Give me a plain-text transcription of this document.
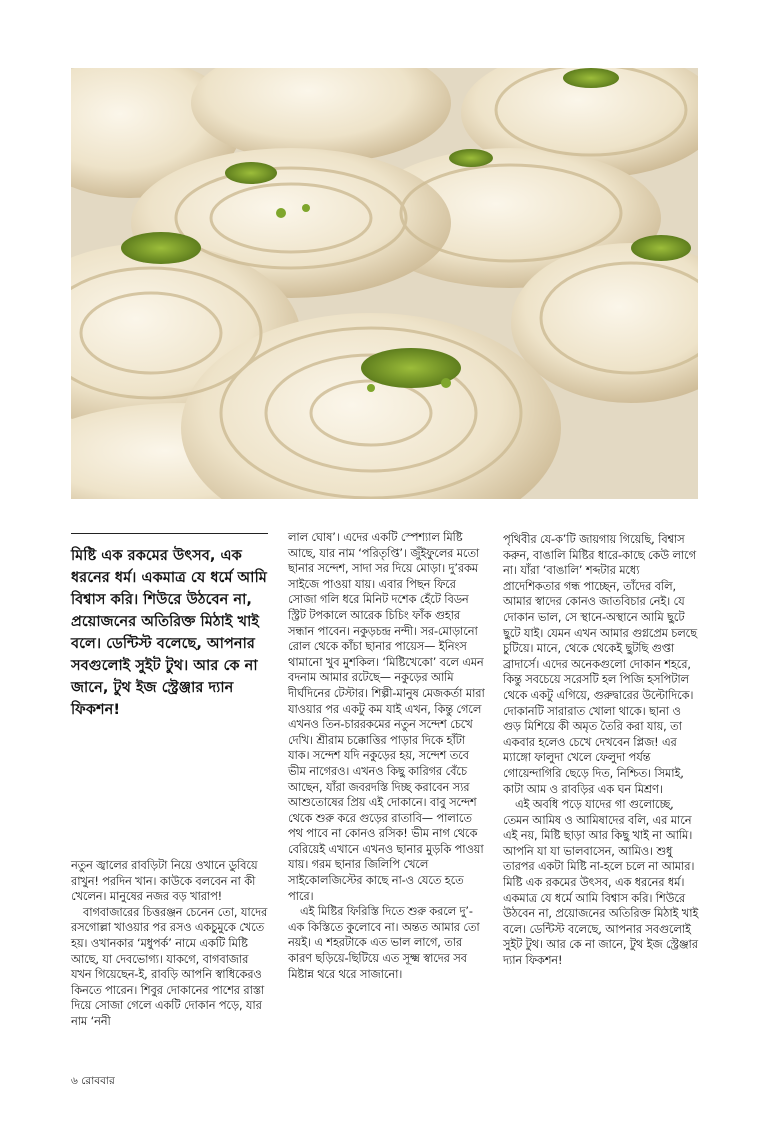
মিষ্টি এক রকমের উৎসব, এক ধরনের ধর্ম। একমাত্র যে ধর্মে আমি বিশ্বাস করি। শিউরে উঠবেন না, প্রয়োজনের অতিরিক্ত মিঠাই খাই বলে। ডেন্টিস্ট বলেছে, আপনার সবগুলোই সুইট টুথ। আর কে না জানে, টুথ ইজ স্ট্রেঞ্জার দ্যান ফিকশন!

নতুন জ্বালের রাবড়িটা নিয়ে ওখানে ডুবিয়ে রাখুন! পরদিন খান। কাউকে বলবেন না কী খেলেন। মানুষের নজর বড় খারাপ!

বাগবাজারের চিত্তরঞ্জন চেনেন তো, যাদের রসগোল্লা খাওয়ার পর রসও একচুমুকে খেতে হয়। ওখানকার ‘মধুপর্ক’ নামে একটি মিষ্টি আছে, যা দেবভোগ্য। যাকগে, বাগবাজার যখন গিয়েছেন-ই, রাবড়ি আপনি স্বাধিকেরও কিনতে পারেন। শিবুর দোকানের পাশের রাস্তা দিয়ে সোজা গেলে একটি দোকান পড়ে, যার নাম ‘ননী

লাল ঘোষ’। এদের একটি স্পেশ্যাল মিষ্টি আছে, যার নাম ‘পরিতৃপ্তি’। জুঁইফুলের মতো ছানার সন্দেশ, সাদা সর দিয়ে মোড়া। দু’রকম সাইজে পাওয়া যায়। এবার পিছন ফিরে সোজা গলি ধরে মিনিট দশেক হেঁটে বিডন স্ট্রিট টপকালে আরেক চিচিং ফাঁক গুহার সন্ধান পাবেন। নকুড়চন্দ্র নন্দী। সর-মোড়ানো রোল থেকে কাঁচা ছানার পায়েস— ইনিংস থামানো খুব মুশকিল। ‘মিষ্টিখেকো’ বলে এমন বদনাম আমার রটেছে— নকুড়ের আমি দীর্ঘদিনের টেস্টার। শিল্পী-মানুষ মেজকর্তা মারা যাওয়ার পর একটু কম যাই এখন, কিন্তু গেলে এখনও তিন-চাররকমের নতুন সন্দেশ চেখে দেখি। শ্রীরাম চক্কোত্তির পাড়ার দিকে হাঁটা যাক। সন্দেশ যদি নকুড়ের হয়, সন্দেশ তবে ভীম নাগেরও। এখনও কিছু কারিগর বেঁচে আছেন, যাঁরা জবরদস্তি দিচ্ছ করাবেন স্যর আশুতোষের প্রিয় এই দোকানে। বাবু সন্দেশ থেকে শুরু করে গুড়ের রাতাবি— পালাতে পথ পাবে না কোনও রসিক! ভীম নাগ থেকে বেরিয়েই এখানে এখনও ছানার মুড়কি পাওয়া যায়। গরম ছানার জিলিপি খেলে সাইকোলজিস্টের কাছে না-ও যেতে হতে পারে।

এই মিষ্টির ফিরিস্তি দিতে শুরু করলে দু’-এক কিস্তিতে কুলোবে না। অন্তত আমার তো নয়ই। এ শহরটাকে এত ভাল লাগে, তার কারণ ছড়িয়ে-ছিটিয়ে এত সূক্ষ্ম স্বাদের সব মিষ্টান্ন থরে থরে সাজানো।

পৃথিবীর যে-ক’টি জায়গায় গিয়েছি, বিশ্বাস করুন, বাঙালি মিষ্টির ধারে-কাছে কেউ লাগে না। যাঁরা ‘বাঙালি’ শব্দটার মধ্যে প্রাদেশিকতার গন্ধ পাচ্ছেন, তাঁদের বলি, আমার স্বাদের কোনও জাতবিচার নেই। যে দোকান ভাল, সে স্থানে-অস্থানে আমি ছুটে ছুটে যাই। যেমন এখন আমার গুগ্নপ্রেম চলছে চুটিয়ে। মানে, থেকে থেকেই ছুটছি গুপ্তা ব্রাদার্সে। এদের অনেকগুলো দোকান শহরে, কিন্তু সবচেয়ে সরেসটি হল পিজি হসপিটাল থেকে একটু এগিয়ে, গুরুদ্বারের উল্টোদিকে। দোকানটি সারারাত খোলা থাকে। ছানা ও গুড় মিশিয়ে কী অমৃত তৈরি করা যায়, তা একবার হলেও চেখে দেখবেন প্লিজ! এর ম্যাঙ্গো ফালুদা খেলে ফেলুদা পর্যন্ত গোয়েন্দাগিরি ছেড়ে দিত, নিশ্চিত। সিমাই, কাটা আম ও রাবড়ির এক ঘন মিশ্রণ।

এই অবধি পড়ে যাদের গা গুলোচ্ছে, তেমন আমিষ ও আমিষাদের বলি, এর মানে এই নয়, মিষ্টি ছাড়া আর কিছু খাই না আমি। আপনি যা যা ভালবাসেন, আমিও। শুধু তারপর একটা মিষ্টি না-হলে চলে না আমার। মিষ্টি এক রকমের উৎসব, এক ধরনের ধর্ম। একমাত্র যে ধর্মে আমি বিশ্বাস করি। শিউরে উঠবেন না, প্রয়োজনের অতিরিক্ত মিঠাই খাই বলে। ডেন্টিস্ট বলেছে, আপনার সবগুলোই সুইট টুথ। আর কে না জানে, টুথ ইজ স্ট্রেঞ্জার দ্যান ফিকশন!

৬ রোববার
